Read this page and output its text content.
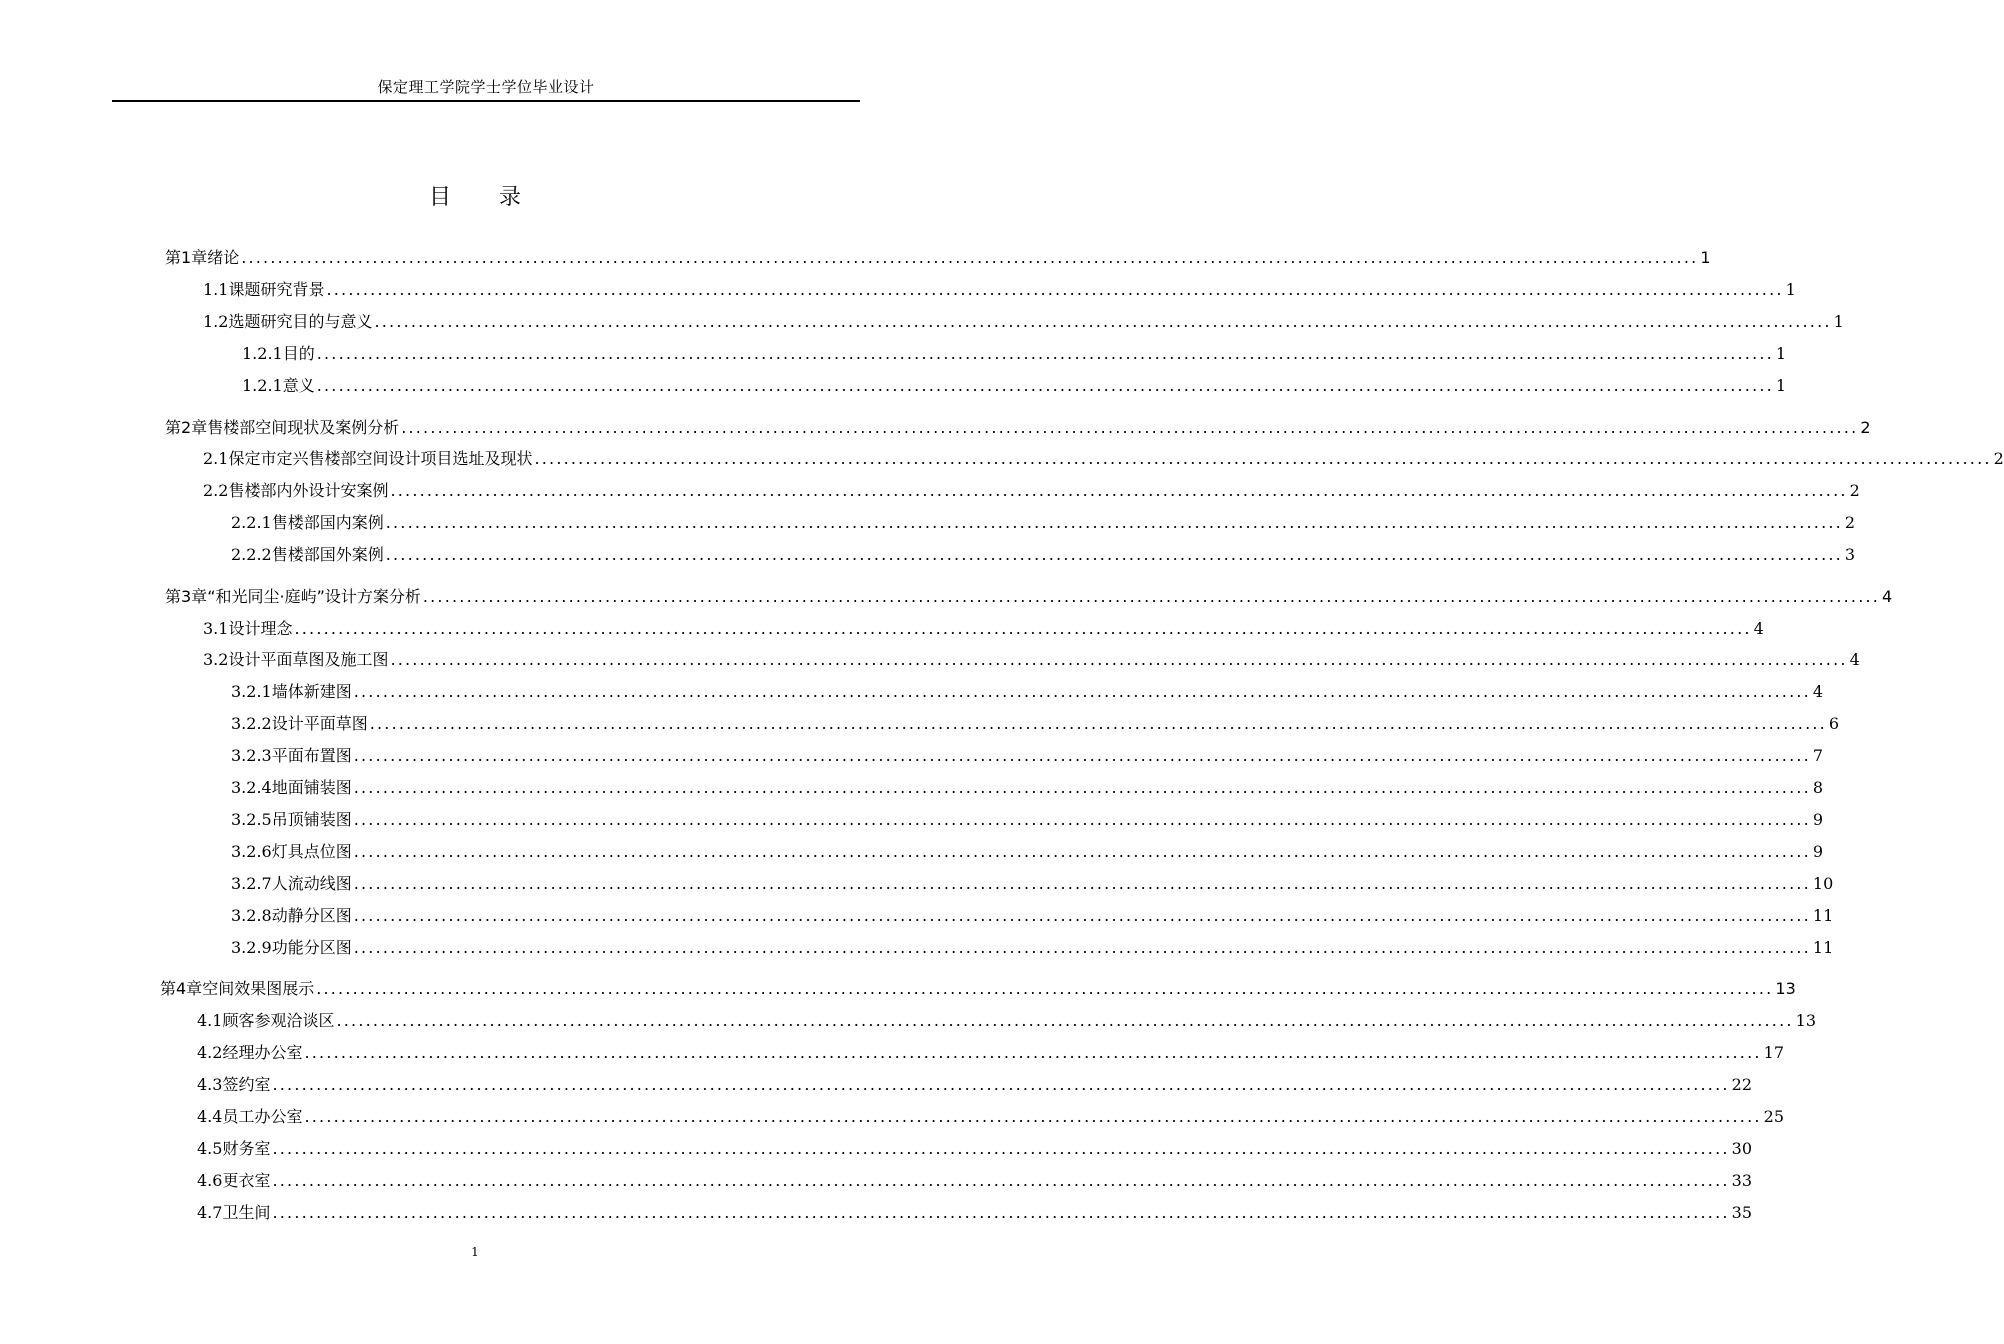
保定理工学院学士学位毕业设计
目 录
第1章 绪论 ........................................................................................................................................................................................................ 1
1.1 课题研究背景 ........................................................................................................................................................................................................ 1
1.2 选题研究目的与意义 ........................................................................................................................................................................................................ 1
1.2.1 目的 ........................................................................................................................................................................................................ 1
1.2.1 意义 ........................................................................................................................................................................................................ 1
第2章 售楼部空间现状及案例分析 ........................................................................................................................................................................................................ 2
2.1 保定市定兴售楼部空间设计项目选址及现状 ........................................................................................................................................................................................................ 2
2.2 售楼部内外设计安案例 ........................................................................................................................................................................................................ 2
2.2.1 售楼部国内案例 ........................................................................................................................................................................................................ 2
2.2.2 售楼部国外案例 ........................................................................................................................................................................................................ 3
第3章 “和光同尘·庭屿”设计方案分析 ........................................................................................................................................................................................................ 4
3.1 设计理念 ........................................................................................................................................................................................................ 4
3.2 设计平面草图及施工图 ........................................................................................................................................................................................................ 4
3.2.1 墙体新建图 ........................................................................................................................................................................................................ 4
3.2.2 设计平面草图 ........................................................................................................................................................................................................ 6
3.2.3 平面布置图 ........................................................................................................................................................................................................ 7
3.2.4 地面铺装图 ........................................................................................................................................................................................................ 8
3.2.5 吊顶铺装图 ........................................................................................................................................................................................................ 9
3.2.6 灯具点位图 ........................................................................................................................................................................................................ 9
3.2.7 人流动线图 ........................................................................................................................................................................................................ 10
3.2.8 动静分区图 ........................................................................................................................................................................................................ 11
3.2.9 功能分区图 ........................................................................................................................................................................................................ 11
第4章 空间效果图展示 ........................................................................................................................................................................................................ 13
4.1 顾客参观洽谈区 ........................................................................................................................................................................................................ 13
4.2 经理办公室 ........................................................................................................................................................................................................ 17
4.3 签约室 ........................................................................................................................................................................................................ 22
4.4 员工办公室 ........................................................................................................................................................................................................ 25
4.5 财务室 ........................................................................................................................................................................................................ 30
4.6 更衣室 ........................................................................................................................................................................................................ 33
4.7 卫生间 ........................................................................................................................................................................................................ 35
1
